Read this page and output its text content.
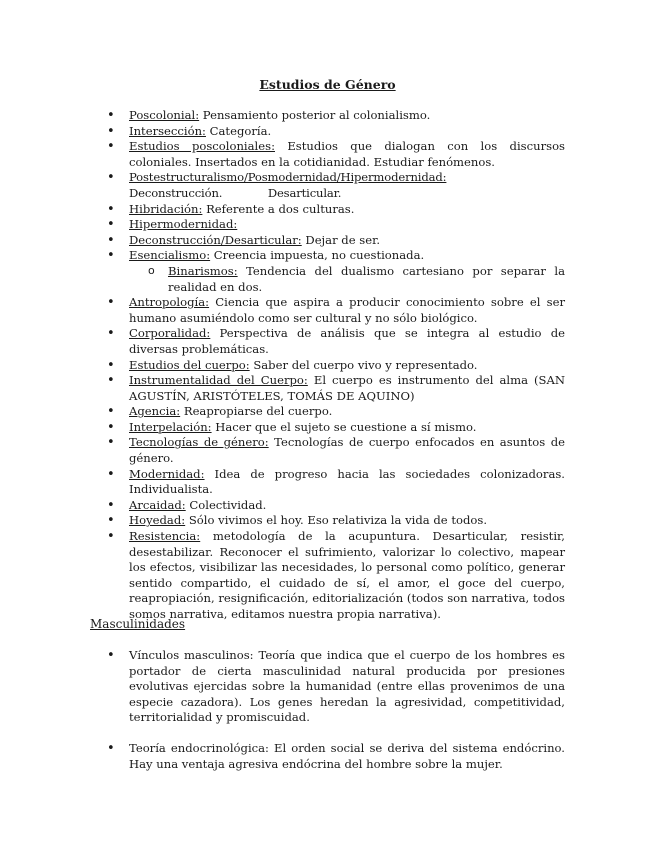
Estudios de Género
• Poscolonial: Pensamiento posterior al colonialismo.
• Intersección: Categoría.
• Estudios poscoloniales: Estudios que dialogan con los discursos coloniales. Insertados en la cotidianidad. Estudiar fenómenos.
• Postestructuralismo/Posmodernidad/Hipermodernidad: Deconstrucción. Desarticular.
• Hibridación: Referente a dos culturas.
• Hipermodernidad:
• Deconstrucción/Desarticular: Dejar de ser.
• Esencialismo: Creencia impuesta, no cuestionada.
o Binarismos: Tendencia del dualismo cartesiano por separar la realidad en dos.
• Antropología: Ciencia que aspira a producir conocimiento sobre el ser humano asumiéndolo como ser cultural y no sólo biológico.
• Corporalidad: Perspectiva de análisis que se integra al estudio de diversas problemáticas.
• Estudios del cuerpo: Saber del cuerpo vivo y representado.
• Instrumentalidad del Cuerpo: El cuerpo es instrumento del alma (SAN AGUSTÍN, ARISTÓTELES, TOMÁS DE AQUINO)
• Agencia: Reapropiarse del cuerpo.
• Interpelación: Hacer que el sujeto se cuestione a sí mismo.
• Tecnologías de género: Tecnologías de cuerpo enfocados en asuntos de género.
• Modernidad: Idea de progreso hacia las sociedades colonizadoras. Individualista.
• Arcaidad: Colectividad.
• Hoyedad: Sólo vivimos el hoy. Eso relativiza la vida de todos.
• Resistencia: metodología de la acupuntura. Desarticular, resistir, desestabilizar. Reconocer el sufrimiento, valorizar lo colectivo, mapear los efectos, visibilizar las necesidades, lo personal como político, generar sentido compartido, el cuidado de sí, el amor, el goce del cuerpo, reapropiación, resignificación, editorialización (todos son narrativa, todos somos narrativa, editamos nuestra propia narrativa).
Masculinidades
• Vínculos masculinos: Teoría que indica que el cuerpo de los hombres es portador de cierta masculinidad natural producida por presiones evolutivas ejercidas sobre la humanidad (entre ellas provenimos de una especie cazadora). Los genes heredan la agresividad, competitividad, territorialidad y promiscuidad.
• Teoría endocrinológica: El orden social se deriva del sistema endócrino. Hay una ventaja agresiva endócrina del hombre sobre la mujer.
